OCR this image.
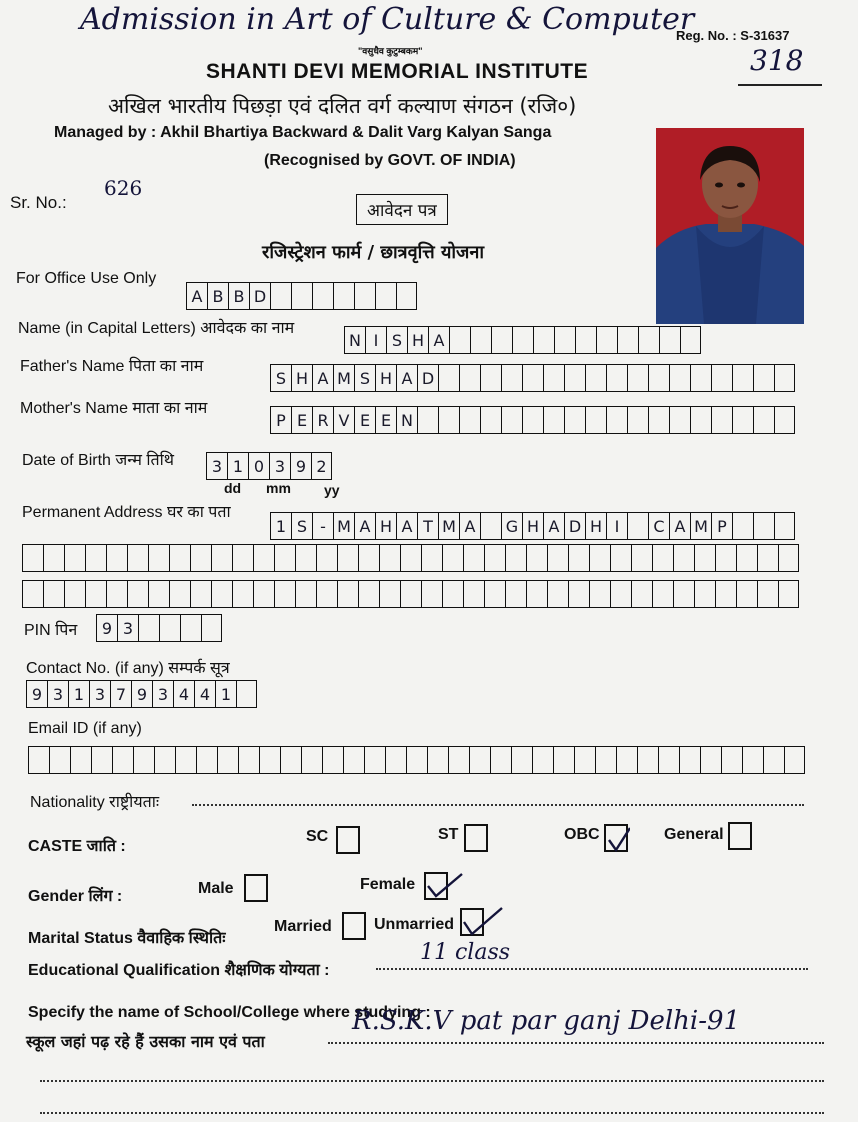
Admission in Art of Culture & Computer
Reg. No. : S-31637
318
"वसुधैव कुटुम्बकम"
SHANTI DEVI MEMORIAL INSTITUTE
अखिल भारतीय पिछड़ा एवं दलित वर्ग कल्याण संगठन (रजि०)
Managed by : Akhil Bhartiya Backward & Dalit Varg Kalyan Sanga
(Recognised by GOVT. OF INDIA)
Sr. No.:
626
आवेदन पत्र
रजिस्ट्रेशन फार्म / छात्रवृत्ति योजना
For Office Use Only
A B B D
Name (in Capital Letters) आवेदक का नाम
N I S H A
Father's Name पिता का नाम
S H A M S H A D
Mother's Name माता का नाम
P E R V E E N
Date of Birth जन्म तिथि	3 1 0 3 9 2
dd mm yy
Permanent Address घर का पता
1 S - M A H A T M A G H A D H I	C A M P
PIN पिन	9 3
Contact No. (if any) सम्पर्क सूत्र
9 3 1 3 7 9 3 4 4 1
Email ID (if any)
Nationality राष्ट्रीयताः
CASTE जाति :
SC	ST	OBC	General
Gender लिंग :	Male	Female
Marital Status वैवाहिक स्थितिः
Married	Unmarried
Educational Qualification शैक्षणिक योग्यता :
11 class
Specify the name of School/College where studying :
स्कूल जहां पढ़ रहे हैं उसका नाम एवं पता
R.S.K.V pat par ganj Delhi-91
